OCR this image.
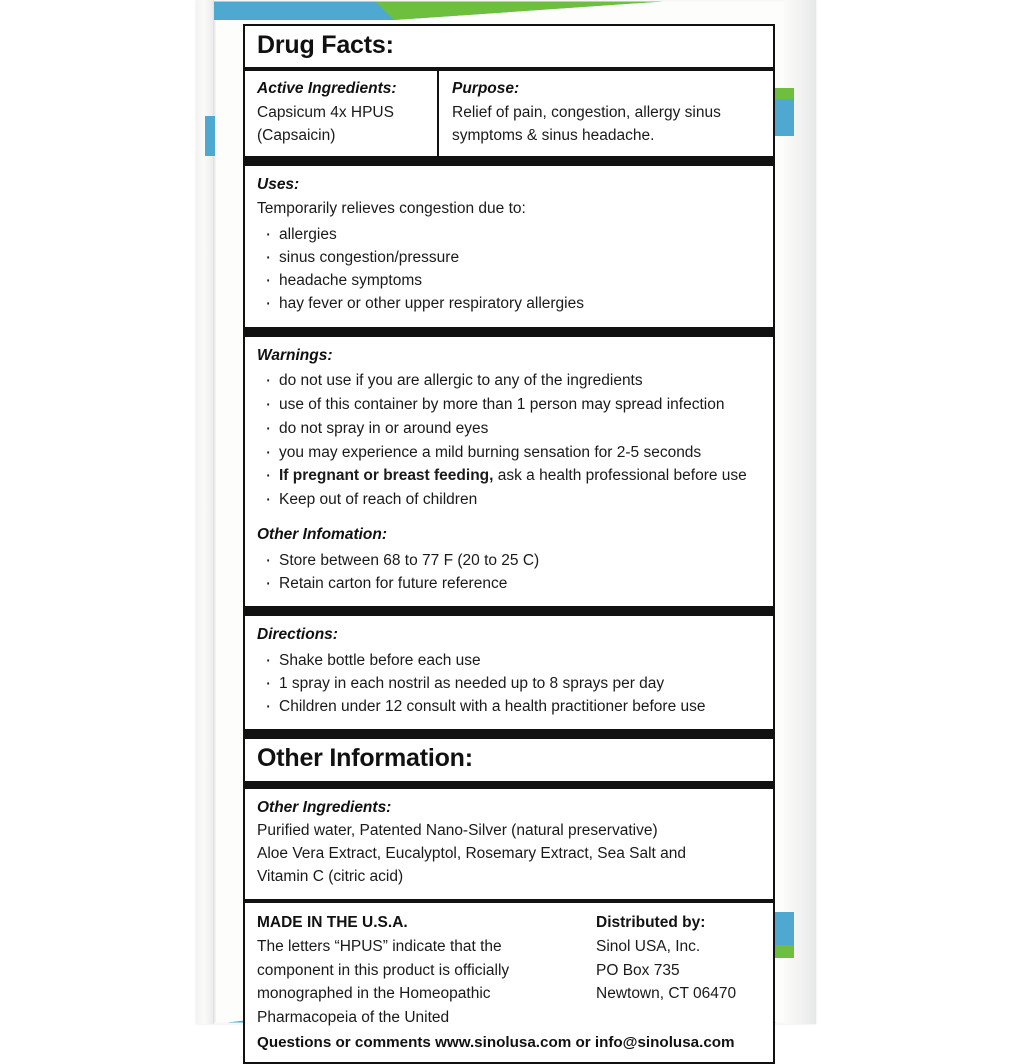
Drug Facts:
Active Ingredients:
Capsicum 4x HPUS
(Capsaicin)
Purpose:
Relief of pain, congestion, allergy sinus
symptoms & sinus headache.
Uses:
Temporarily relieves congestion due to:
· allergies
· sinus congestion/pressure
· headache symptoms
· hay fever or other upper respiratory allergies
Warnings:
· do not use if you are allergic to any of the ingredients
· use of this container by more than 1 person may spread infection
· do not spray in or around eyes
· you may experience a mild burning sensation for 2-5 seconds
· If pregnant or breast feeding, ask a health professional before use
· Keep out of reach of children
Other Infomation:
· Store between 68 to 77 F (20 to 25 C)
· Retain carton for future reference
Directions:
· Shake bottle before each use
· 1 spray in each nostril as needed up to 8 sprays per day
· Children under 12 consult with a health practitioner before use
Other Information:
Other Ingredients:
Purified water, Patented Nano-Silver (natural preservative)
Aloe Vera Extract, Eucalyptol, Rosemary Extract, Sea Salt and
Vitamin C (citric acid)
MADE IN THE U.S.A.
The letters “HPUS” indicate that the
component in this product is officially
monographed in the Homeopathic
Pharmacopeia of the United
Distributed by:
Sinol USA, Inc.
PO Box 735
Newtown, CT 06470
Questions or comments www.sinolusa.com or info@sinolusa.com
